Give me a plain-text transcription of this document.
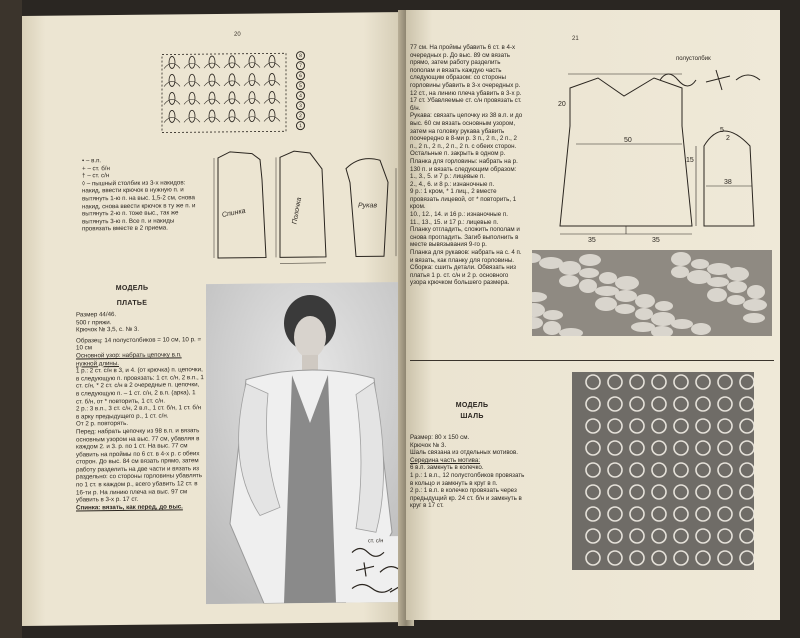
20
8
7
6
5
4
3
2
1

• – в.п.

+ – ст. б/н

† – ст. с/н

◊ – пышный столбик из 3-х накидов: накид, ввести крючок в нужную п. и вытянуть 1-ю п. на выс. 1,5-2 см, снова накид, снова ввести крючок в ту же п. и вытянуть 2-ю п. тоже выс., так же вытянуть 3-ю п. Все п. и накиды провязать вместе в 2 приема.

Спинка	Полочка	Рукав
МОДЕЛЬ
ПЛАТЬЕ

Размер 44/46.

500 г пряжи.

Крючок № 3,5, с. № 3.

Образец: 14 полустолбиков = 10 см, 10 р. = 10 см

Основной узор: набрать цепочку в.п. нужной длины.

1 р.: 2 ст. с/н в 3, и 4. (от крючка) п. цепочки, в следующую п. провязать: 1 ст. с/н, 2 в.п., 1 ст. с/н, * 2 ст. с/н в 2 очередные п. цепочки, в следующую п. – 1 ст. с/н, 2 в.п. (арка), 1 ст. б/н, от * повторить, 1 ст. с/н.

2 р.: 3 в.п., 3 ст. с/н, 2 в.п., 1 ст. б/н, 1 ст. б/н в арку предыдущего р., 1 ст. с/н.

От 2 р. повторять.

Перед: набрать цепочку из 98 в.п. и вязать основным узором на выс. 77 см, убавляя в каждом 2. и 3. р. по 1 ст. На выс. 77 см убавить на проймы по 6 ст. в 4-х р. с обеих сторон. До выс. 84 см вязать прямо, затем работу разделить на две части и вязать из раздельно: со стороны горловины убавлять по 1 ст. в каждом р., всего убавить 12 ст. в 16-ти р. На линию плеча на выс. 97 см убавить в 3-х р. 17 ст.

Спинка: вязать, как перед, до выс.

ст. с/н
21

77 см. На проймы убавить 6 ст. в 4-х очередных р. До выс. 89 см вязать прямо, затем работу разделить пополам и вязать каждую часть следующим образом: со стороны горловины убавить в 3-х очередных р. 12 ст., на линию плеча убавить в 3-х р. 17 ст. Убавляемые ст. с/н провязать ст. б/н.

Рукава: связать цепочку из 38 в.п. и до выс. 60 см вязать основным узором, затем на головку рукава убавить поочередно в 8-ми р. 3 п., 2 п., 2 п., 2 п., 2 п., 2 п., 2 п., 2 п. с обеих сторон. Остальные п. закрыть в одном р.

Планка для горловины: набрать на р. 130 п. и вязать следующим образом:

1., 3., 5. и 7 р.: лицевые п.

2., 4., 6. и 8 р.: изнаночные п.

9 р.: 1 кром, * 1 лиц., 2 вместе провязать лицевой, от * повторить, 1 кром.

10., 12., 14. и 16 р.: изнаночные п.

11., 13., 15. и 17 р.: лицевые п.

Планку отгладить, сложить пополам и снова прогладить. Загиб выполнить в месте вывязывания 9-го р.

Планка для рукавов: набрать на с. 4 п. и вязать, как планку для горловины.

Сборка: сшить детали. Обвязать низ платья 1 р. ст. с/н и 2 р. основного узора крючком большего размера.

50
35	35
38
15
20
2
5
полустолбик
МОДЕЛЬ
ШАЛЬ

Размер: 80 х 150 см.

Крючок № 3.

Шаль связана из отдельных мотивов.

Середина часть мотива:

6 в.п. замкнуть в колечко.

1 р.: 1 в.п., 12 полустолбиков провязать в кольцо и замкнуть в круг в п.

2 р.: 1 в.п. в колечко провязать через предыдущий кр. 24 ст. б/н и замкнуть в круг в 17 ст.
